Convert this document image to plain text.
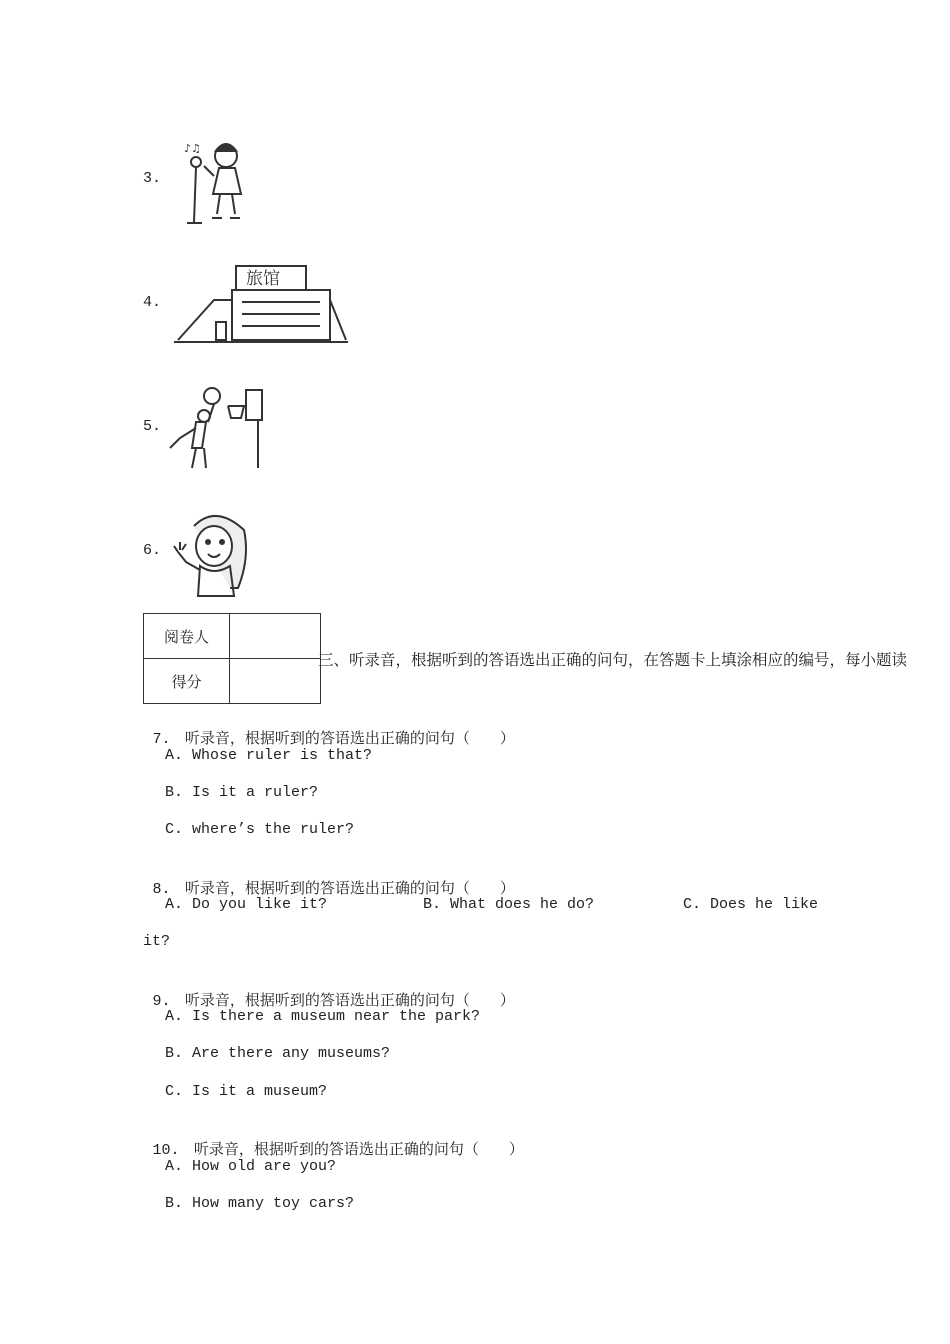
3.
♪♫
4.
旅馆
5.
6.
阅卷人	
得分	
三、听录音，根据听到的答语选出正确的问句，在答题卡上填涂相应的编号，每小题读

7. 听录音，根据听到的答语选出正确的问句（　　）

A. Whose ruler is that?
B. Is it a ruler?
C. where’s the ruler?

8. 听录音，根据听到的答语选出正确的问句（　　）

A. Do you like it?	B. What does he do?	C. Does he like
it?

9. 听录音，根据听到的答语选出正确的问句（　　）

A. Is there a museum near the park?
B. Are there any museums?
C. Is it a museum?

10. 听录音，根据听到的答语选出正确的问句（　　）

A. How old are you?
B. How many toy cars?
